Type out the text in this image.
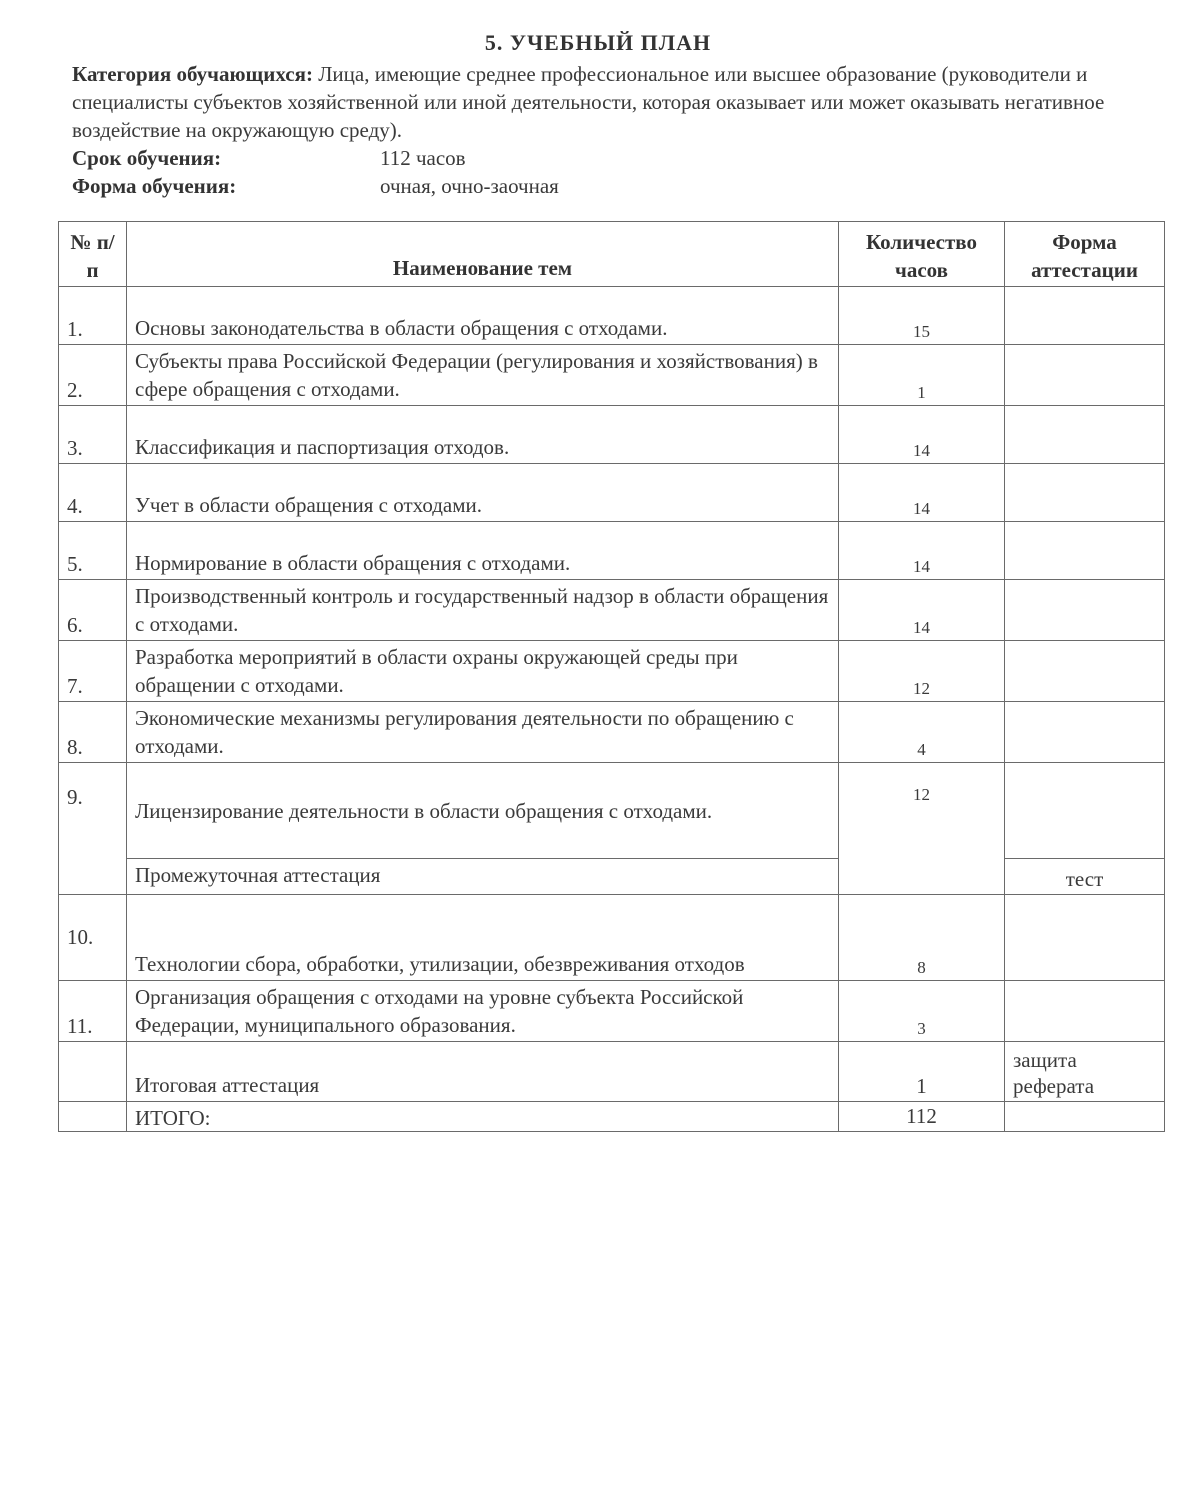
5. УЧЕБНЫЙ ПЛАН
Категория обучающихся: Лица, имеющие среднее профессиональное или высшее образование (руководители и специалисты субъектов хозяйственной или иной деятельности, которая оказывает или может оказывать негативное воздействие на окружающую среду).
Срок обучения:	112 часов
Форма обучения:	очная, очно-заочная
№ п/п	Наименование тем	Количество часов	Форма аттестации
1.	Основы законодательства в области обращения с отходами.	15	
2.	Субъекты права Российской Федерации (регулирования и хозяйствования) в сфере обращения с отходами.	1	
3.	Классификация и паспортизация отходов.	14	
4.	Учет в области обращения с отходами.	14	
5.	Нормирование в области обращения с отходами.	14	
6.	Производственный контроль и государственный надзор в области обращения с отходами.	14	
7.	Разработка мероприятий в области охраны окружающей среды при обращении с отходами.	12	
8.	Экономические механизмы регулирования деятельности по обращению с отходами.	4	
9.	Лицензирование деятельности в области обращения с отходами.	12	
	Промежуточная аттестация		тест
10.	Технологии сбора, обработки, утилизации, обезвреживания отходов	8	
11.	Организация обращения с отходами на уровне субъекта Российской Федерации, муниципального образования.	3	
	Итоговая аттестация	1	защита реферата
	ИТОГО:	112	
